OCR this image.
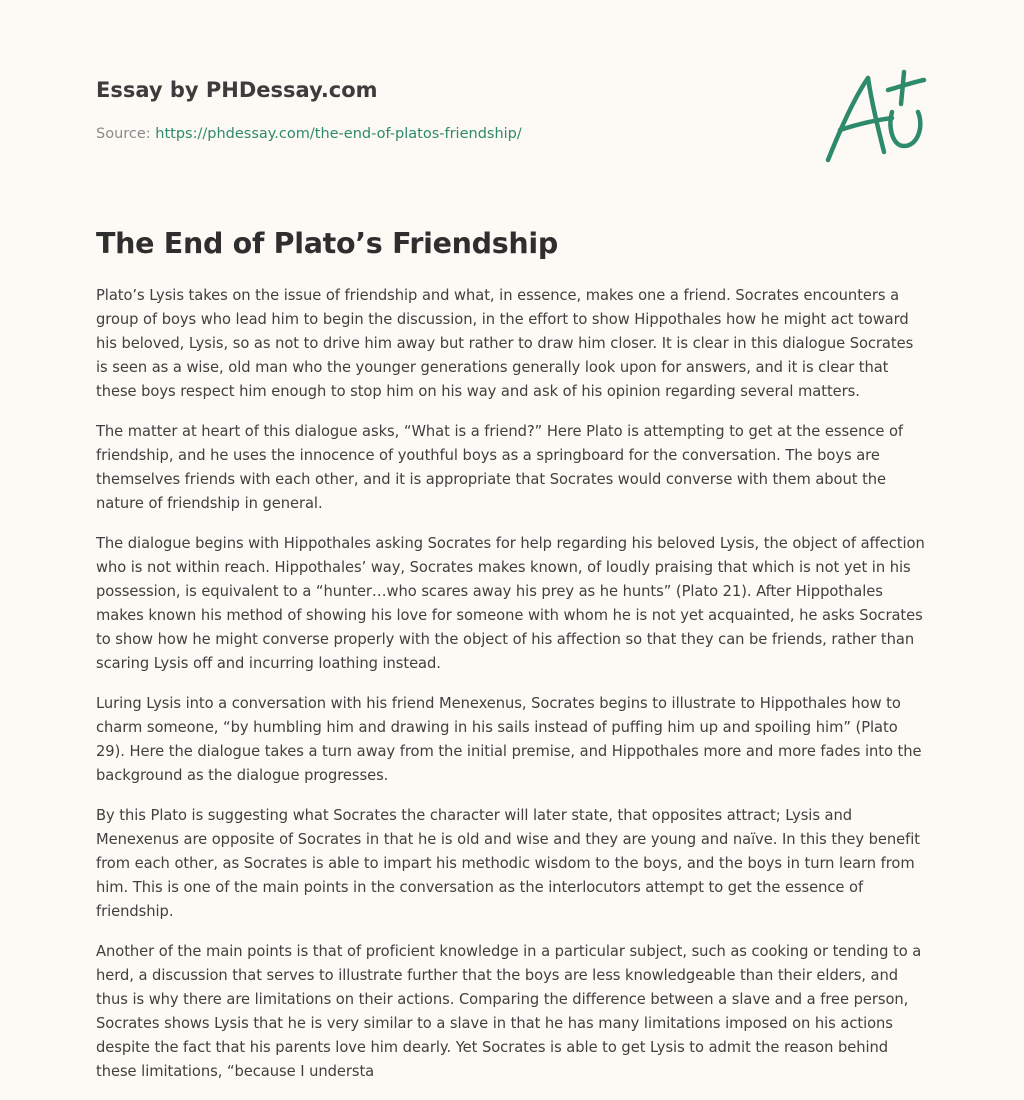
Essay by PHDessay.com
Source: https://phdessay.com/the-end-of-platos-friendship/
The End of Plato’s Friendship

Plato’s Lysis takes on the issue of friendship and what, in essence, makes one a friend. Socrates encounters a group of boys who lead him to begin the discussion, in the effort to show Hippothales how he might act toward his beloved, Lysis, so as not to drive him away but rather to draw him closer. It is clear in this dialogue Socrates is seen as a wise, old man who the younger generations generally look upon for answers, and it is clear that these boys respect him enough to stop him on his way and ask of his opinion regarding several matters.

The matter at heart of this dialogue asks, “What is a friend?” Here Plato is attempting to get at the essence of friendship, and he uses the innocence of youthful boys as a springboard for the conversation. The boys are themselves friends with each other, and it is appropriate that Socrates would converse with them about the nature of friendship in general.

The dialogue begins with Hippothales asking Socrates for help regarding his beloved Lysis, the object of affection who is not within reach. Hippothales’ way, Socrates makes known, of loudly praising that which is not yet in his possession, is equivalent to a “hunter…who scares away his prey as he hunts” (Plato 21). After Hippothales makes known his method of showing his love for someone with whom he is not yet acquainted, he asks Socrates to show how he might converse properly with the object of his affection so that they can be friends, rather than scaring Lysis off and incurring loathing instead.

Luring Lysis into a conversation with his friend Menexenus, Socrates begins to illustrate to Hippothales how to charm someone, “by humbling him and drawing in his sails instead of puffing him up and spoiling him” (Plato 29). Here the dialogue takes a turn away from the initial premise, and Hippothales more and more fades into the background as the dialogue progresses.

By this Plato is suggesting what Socrates the character will later state, that opposites attract; Lysis and Menexenus are opposite of Socrates in that he is old and wise and they are young and naïve. In this they benefit from each other, as Socrates is able to impart his methodic wisdom to the boys, and the boys in turn learn from him. This is one of the main points in the conversation as the interlocutors attempt to get the essence of friendship.

Another of the main points is that of proficient knowledge in a particular subject, such as cooking or tending to a herd, a discussion that serves to illustrate further that the boys are less knowledgeable than their elders, and thus is why there are limitations on their actions. Comparing the difference between a slave and a free person, Socrates shows Lysis that he is very similar to a slave in that he has many limitations imposed on his actions despite the fact that his parents love him dearly. Yet Socrates is able to get Lysis to admit the reason behind these limitations, “because I understa
